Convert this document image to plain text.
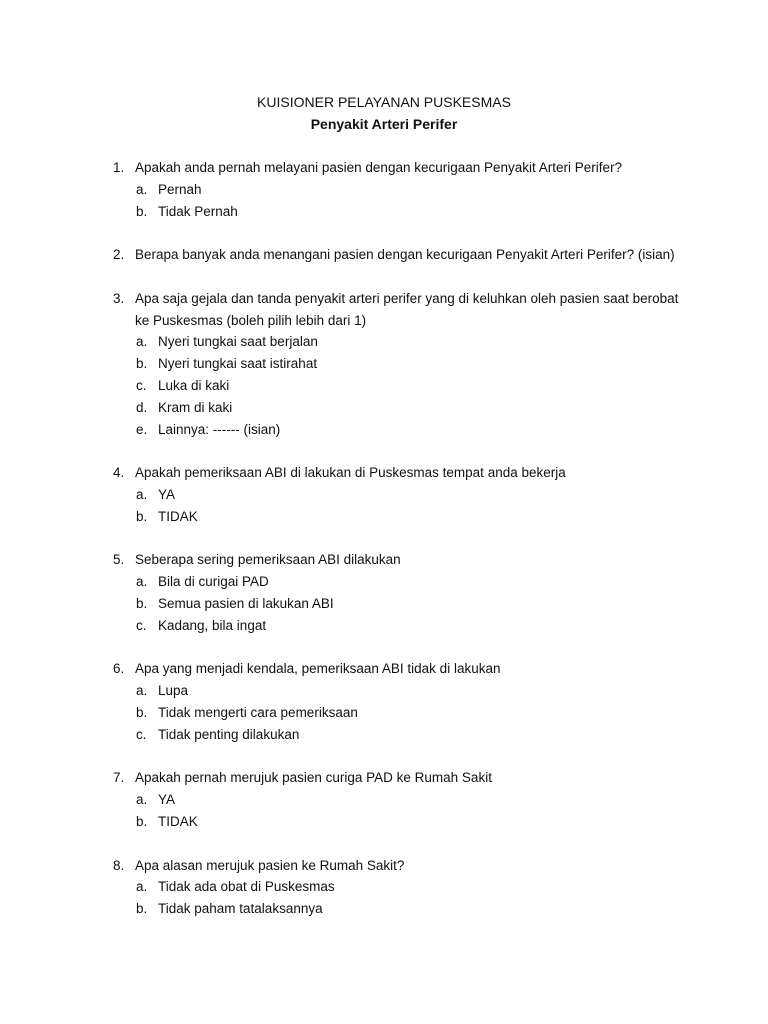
KUISIONER PELAYANAN PUSKESMAS
Penyakit Arteri Perifer
1. Apakah anda pernah melayani pasien dengan kecurigaan Penyakit Arteri Perifer?
a. Pernah
b. Tidak Pernah
2. Berapa banyak anda menangani pasien dengan kecurigaan Penyakit Arteri Perifer? (isian)
3. Apa saja gejala dan tanda penyakit arteri perifer yang di keluhkan oleh pasien saat berobat ke Puskesmas (boleh pilih lebih dari 1)
a. Nyeri tungkai saat berjalan
b. Nyeri tungkai saat istirahat
c. Luka di kaki
d. Kram di kaki
e. Lainnya: ------ (isian)
4. Apakah pemeriksaan ABI di lakukan di Puskesmas tempat anda bekerja
a. YA
b. TIDAK
5. Seberapa sering pemeriksaan ABI dilakukan
a. Bila di curigai PAD
b. Semua pasien di lakukan ABI
c. Kadang, bila ingat
6. Apa yang menjadi kendala, pemeriksaan ABI tidak di lakukan
a. Lupa
b. Tidak mengerti cara pemeriksaan
c. Tidak penting dilakukan
7. Apakah pernah merujuk pasien curiga PAD ke Rumah Sakit
a. YA
b. TIDAK
8. Apa alasan merujuk pasien ke Rumah Sakit?
a. Tidak ada obat di Puskesmas
b. Tidak paham tatalaksannya
